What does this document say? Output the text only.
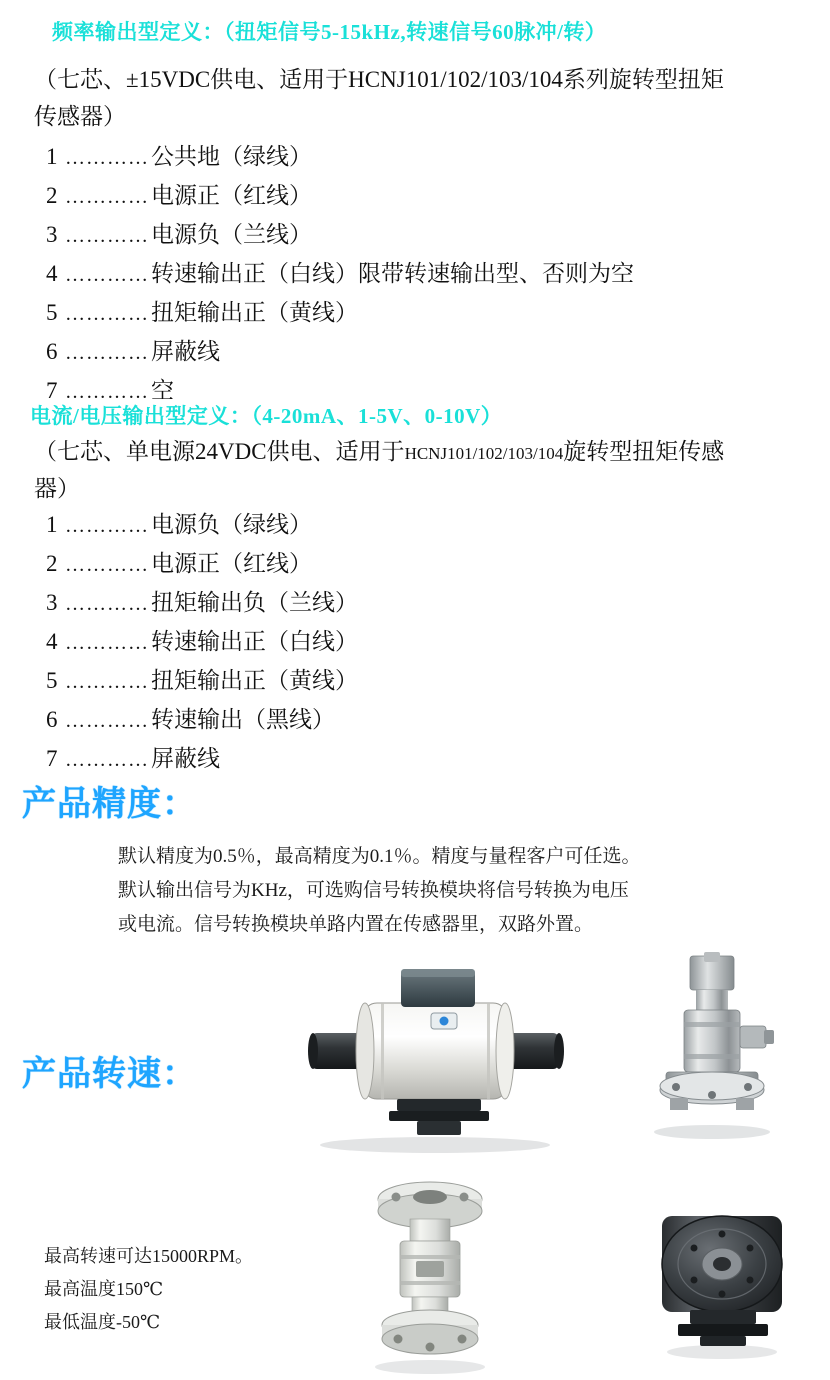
频率输出型定义：（扭矩信号5-15kHz,转速信号60脉冲/转）
（七芯、±15VDC供电、适用于HCNJ101/102/103/104系列旋转型扭矩
传感器）
1 …………公共地（绿线）
2 …………电源正（红线）
3 …………电源负（兰线）
4 …………转速输出正（白线）限带转速输出型、否则为空
5 …………扭矩输出正（黄线）
6 …………屏蔽线
7 …………空
电流/电压输出型定义：（4-20mA、1-5V、0-10V）
（七芯、单电源24VDC供电、适用于HCNJ101/102/103/104旋转型扭矩传感
器）
1 …………电源负（绿线）
2 …………电源正（红线）
3 …………扭矩输出负（兰线）
4 …………转速输出正（白线）
5 …………扭矩输出正（黄线）
6 …………转速输出（黑线）
7 …………屏蔽线
产品精度：
默认精度为0.5％，最高精度为0.1％。精度与量程客户可任选。
默认输出信号为KHz，可选购信号转换模块将信号转换为电压
或电流。信号转换模块单路内置在传感器里，双路外置。
产品转速：
最高转速可达15000RPM。
最高温度150℃
最低温度-50℃
